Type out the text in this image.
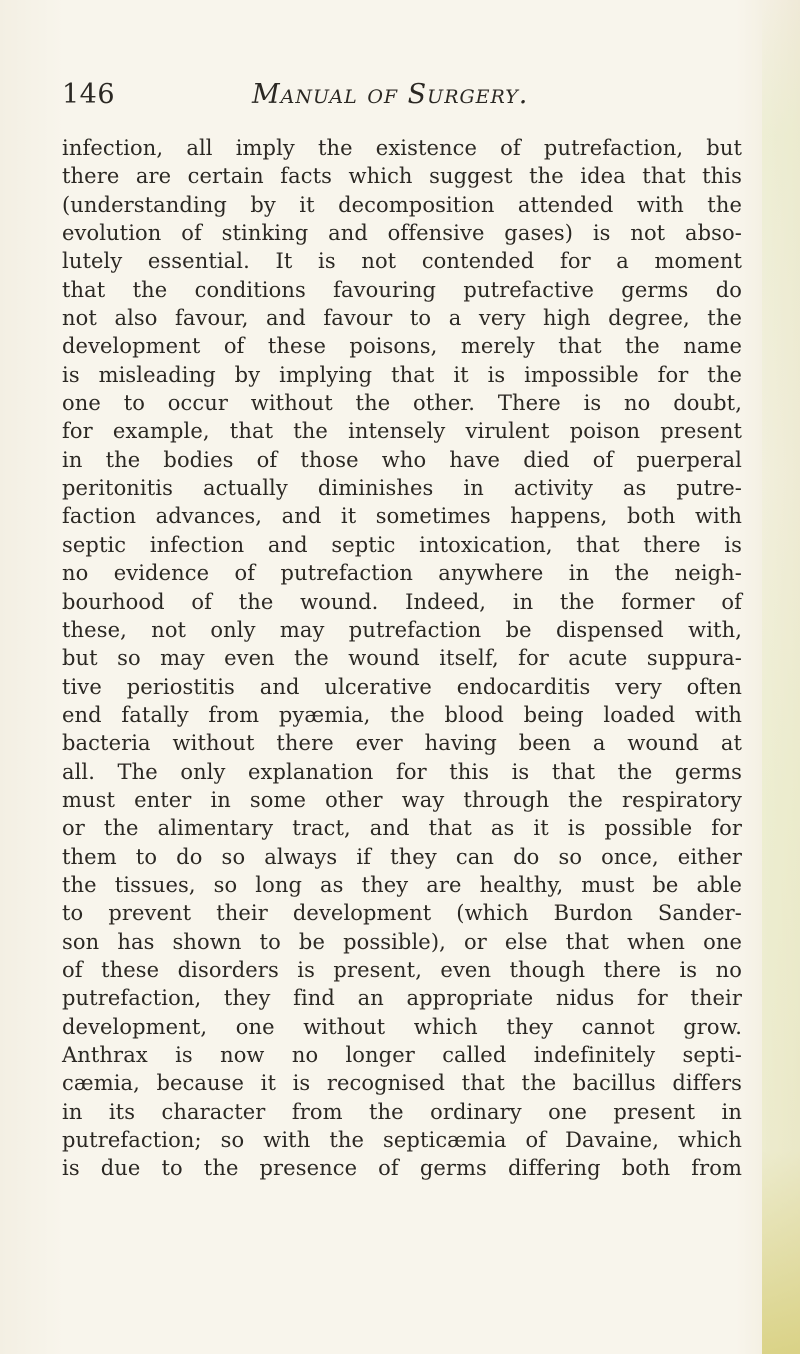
146	Manual of Surgery.
infection, all imply the existence of putrefaction, but
there are certain facts which suggest the idea that this
(understanding by it decomposition attended with the
evolution of stinking and offensive gases) is not abso-
lutely essential. It is not contended for a moment
that the conditions favouring putrefactive germs do
not also favour, and favour to a very high degree, the
development of these poisons, merely that the name
is misleading by implying that it is impossible for the
one to occur without the other. There is no doubt,
for example, that the intensely virulent poison present
in the bodies of those who have died of puerperal
peritonitis actually diminishes in activity as putre-
faction advances, and it sometimes happens, both with
septic infection and septic intoxication, that there is
no evidence of putrefaction anywhere in the neigh-
bourhood of the wound. Indeed, in the former of
these, not only may putrefaction be dispensed with,
but so may even the wound itself, for acute suppura-
tive periostitis and ulcerative endocarditis very often
end fatally from pyæmia, the blood being loaded with
bacteria without there ever having been a wound at
all. The only explanation for this is that the germs
must enter in some other way through the respiratory
or the alimentary tract, and that as it is possible for
them to do so always if they can do so once, either
the tissues, so long as they are healthy, must be able
to prevent their development (which Burdon Sander-
son has shown to be possible), or else that when one
of these disorders is present, even though there is no
putrefaction, they find an appropriate nidus for their
development, one without which they cannot grow.
Anthrax is now no longer called indefinitely septi-
cæmia, because it is recognised that the bacillus differs
in its character from the ordinary one present in
putrefaction; so with the septicæmia of Davaine, which
is due to the presence of germs differing both from
